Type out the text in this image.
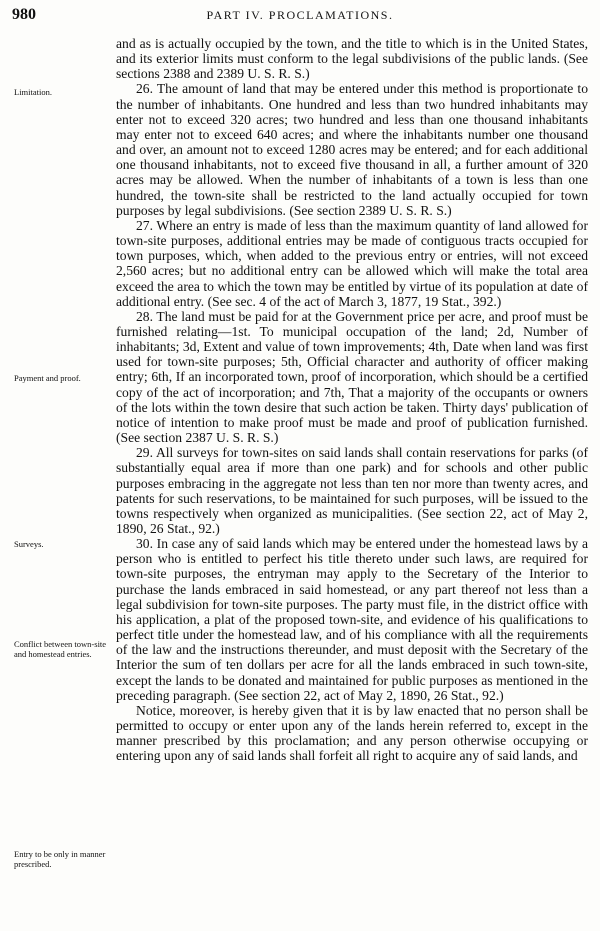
980	PART IV. PROCLAMATIONS.
Limitation.
Payment and proof.
Surveys.
Conflict between town-site and homestead entries.
Entry to be only in manner prescribed.

and as is actually occupied by the town, and the title to which is in the United States, and its exterior limits must conform to the legal subdivisions of the public lands. (See sections 2388 and 2389 U. S. R. S.)

26. The amount of land that may be entered under this method is proportionate to the number of inhabitants. One hundred and less than two hundred inhabitants may enter not to exceed 320 acres; two hundred and less than one thousand inhabitants may enter not to exceed 640 acres; and where the inhabitants number one thousand and over, an amount not to exceed 1280 acres may be entered; and for each additional one thousand inhabitants, not to exceed five thousand in all, a further amount of 320 acres may be allowed. When the number of inhabitants of a town is less than one hundred, the town-site shall be restricted to the land actually occupied for town purposes by legal subdivisions. (See section 2389 U. S. R. S.)

27. Where an entry is made of less than the maximum quantity of land allowed for town-site purposes, additional entries may be made of contiguous tracts occupied for town purposes, which, when added to the previous entry or entries, will not exceed 2,560 acres; but no additional entry can be allowed which will make the total area exceed the area to which the town may be entitled by virtue of its population at date of additional entry. (See sec. 4 of the act of March 3, 1877, 19 Stat., 392.)

28. The land must be paid for at the Government price per acre, and proof must be furnished relating—1st. To municipal occupation of the land; 2d, Number of inhabitants; 3d, Extent and value of town improvements; 4th, Date when land was first used for town-site purposes; 5th, Official character and authority of officer making entry; 6th, If an incorporated town, proof of incorporation, which should be a certified copy of the act of incorporation; and 7th, That a majority of the occupants or owners of the lots within the town desire that such action be taken. Thirty days' publication of notice of intention to make proof must be made and proof of publication furnished. (See section 2387 U. S. R. S.)

29. All surveys for town-sites on said lands shall contain reservations for parks (of substantially equal area if more than one park) and for schools and other public purposes embracing in the aggregate not less than ten nor more than twenty acres, and patents for such reservations, to be maintained for such purposes, will be issued to the towns respectively when organized as municipalities. (See section 22, act of May 2, 1890, 26 Stat., 92.)

30. In case any of said lands which may be entered under the homestead laws by a person who is entitled to perfect his title thereto under such laws, are required for town-site purposes, the entryman may apply to the Secretary of the Interior to purchase the lands embraced in said homestead, or any part thereof not less than a legal subdivision for town-site purposes. The party must file, in the district office with his application, a plat of the proposed town-site, and evidence of his qualifications to perfect title under the homestead law, and of his compliance with all the requirements of the law and the instructions thereunder, and must deposit with the Secretary of the Interior the sum of ten dollars per acre for all the lands embraced in such town-site, except the lands to be donated and maintained for public purposes as mentioned in the preceding paragraph. (See section 22, act of May 2, 1890, 26 Stat., 92.)

Notice, moreover, is hereby given that it is by law enacted that no person shall be permitted to occupy or enter upon any of the lands herein referred to, except in the manner prescribed by this proclamation; and any person otherwise occupying or entering upon any of said lands shall forfeit all right to acquire any of said lands, and
